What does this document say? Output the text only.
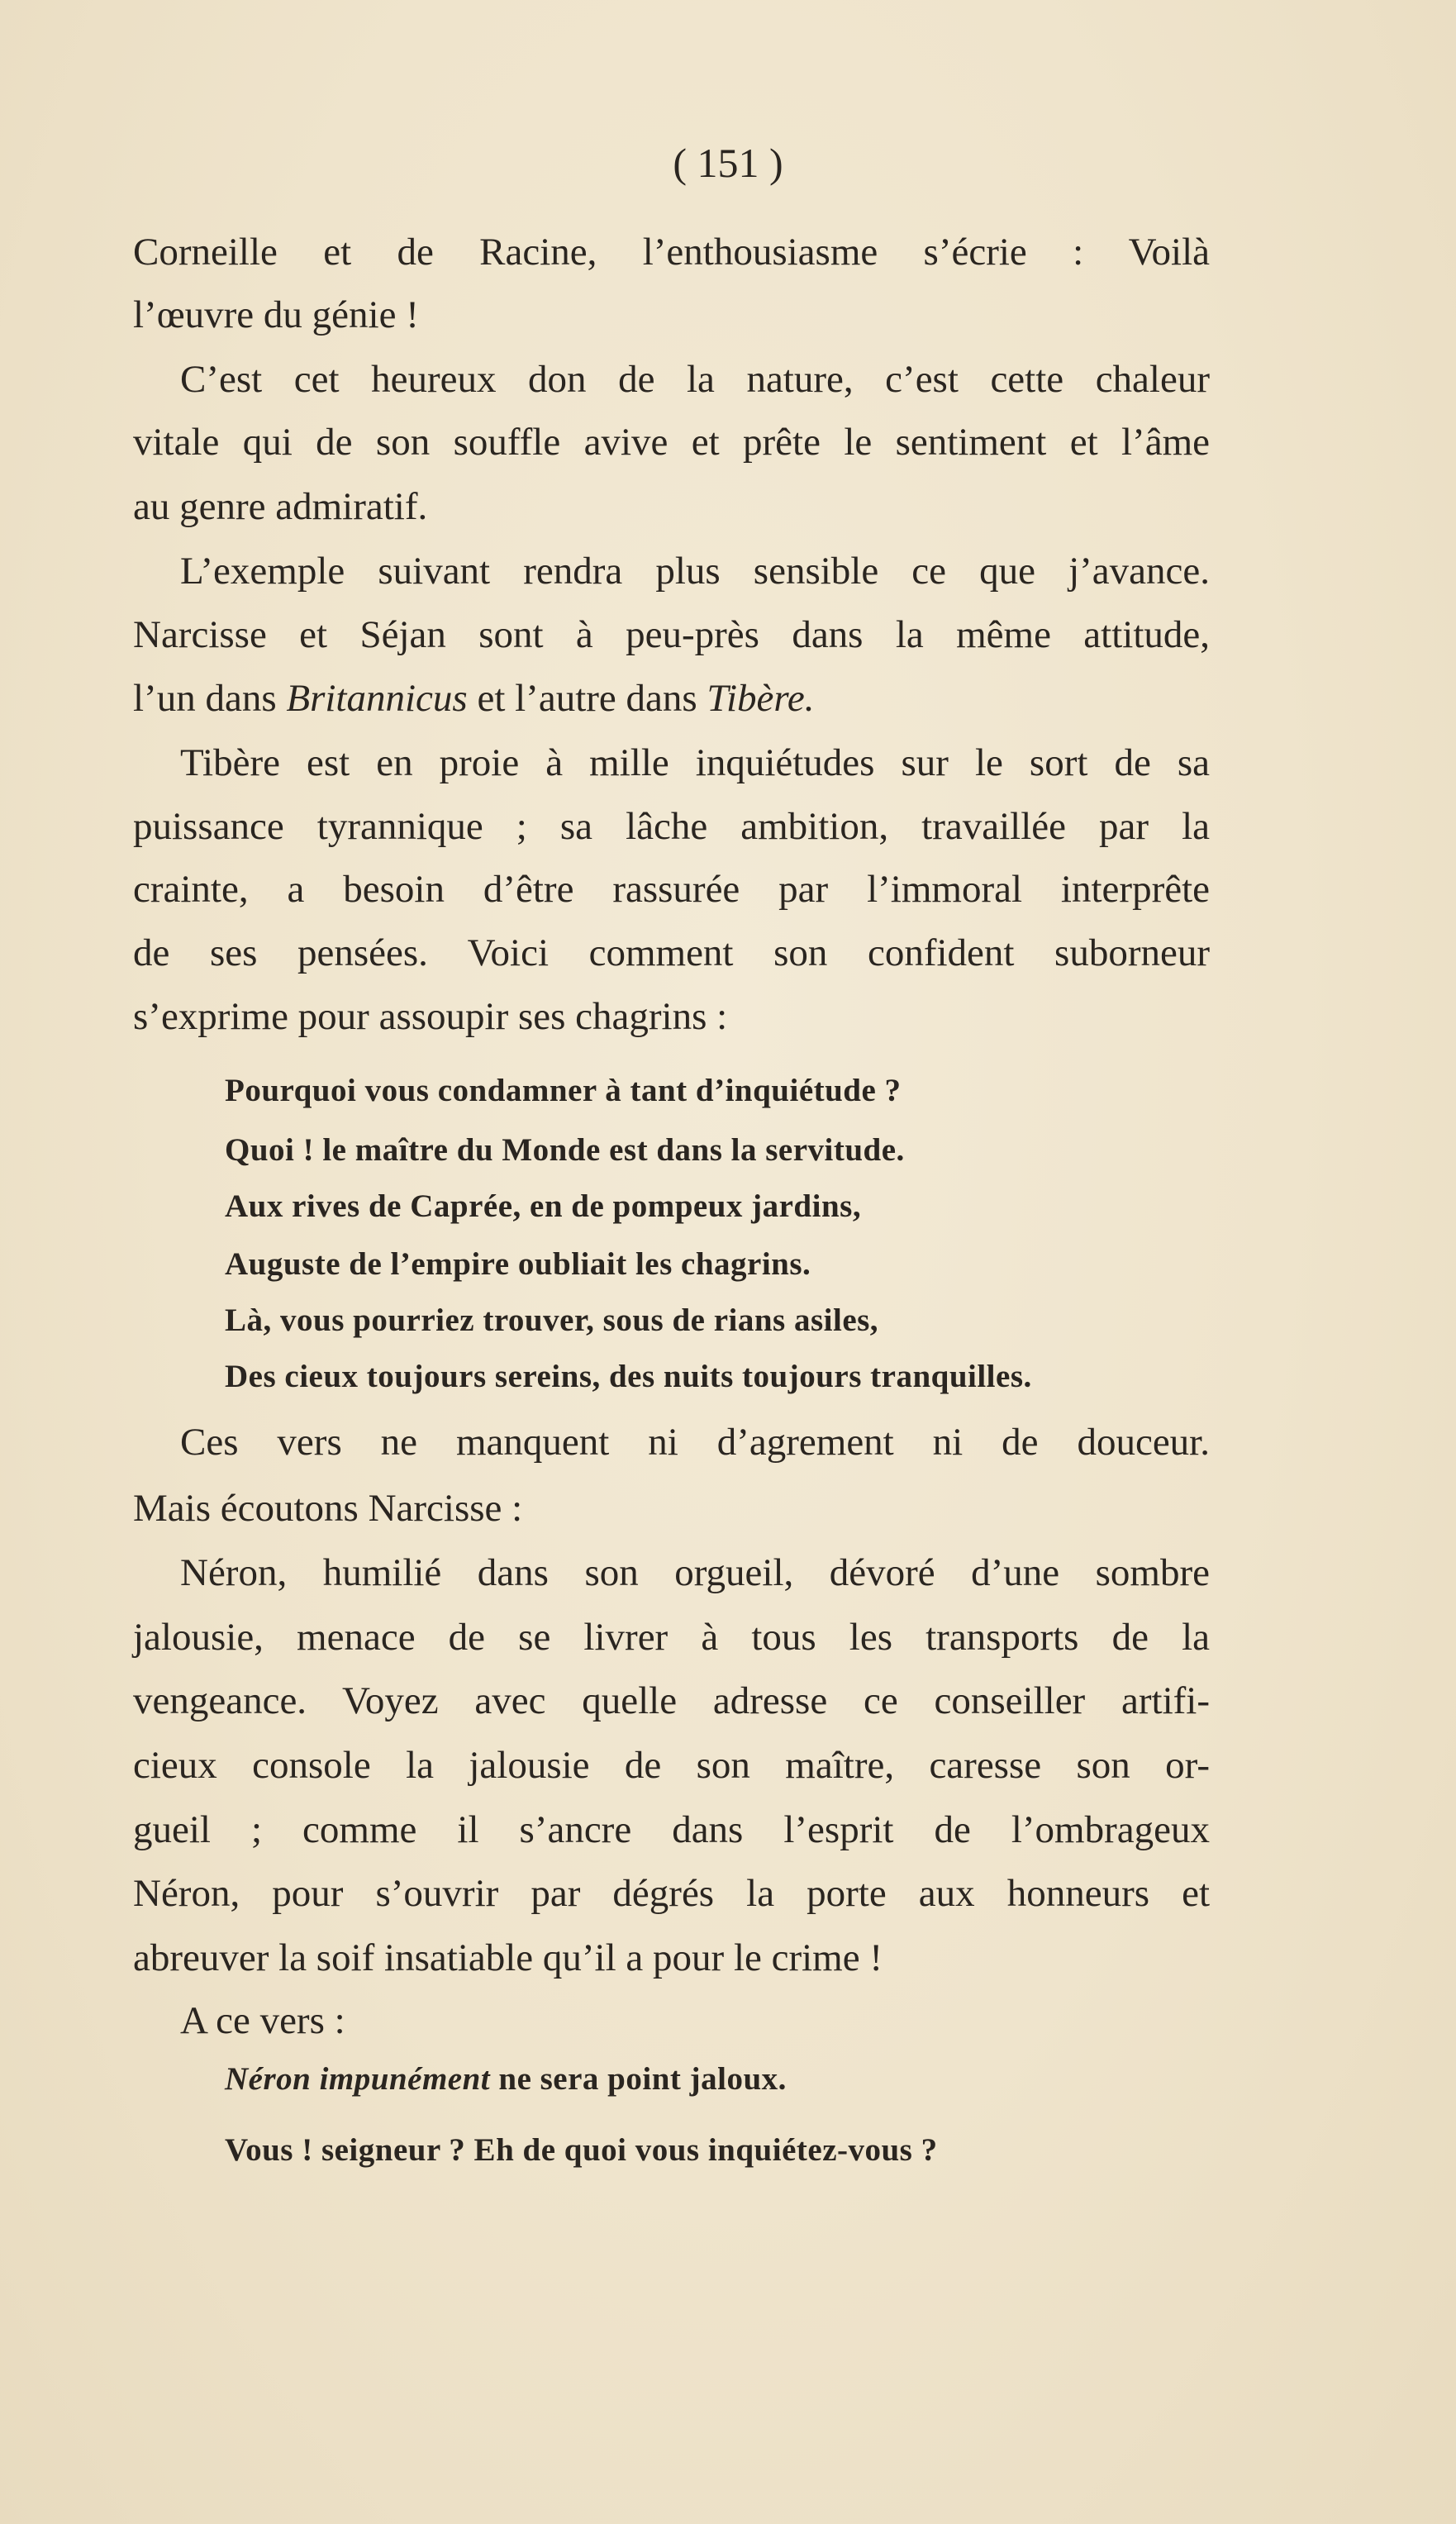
( 151 )
Corneille et de Racine, l’enthousiasme s’écrie : Voilà
l’œuvre du génie !
C’est cet heureux don de la nature, c’est cette chaleur
vitale qui de son souffle avive et prête le sentiment et l’âme
au genre admiratif.
L’exemple suivant rendra plus sensible ce que j’avance.
Narcisse et Séjan sont à peu-près dans la même attitude,
l’un dans Britannicus et l’autre dans Tibère.
Tibère est en proie à mille inquiétudes sur le sort de sa
puissance tyrannique ; sa lâche ambition, travaillée par la
crainte, a besoin d’être rassurée par l’immoral interprête
de ses pensées. Voici comment son confident suborneur
s’exprime pour assoupir ses chagrins :
Pourquoi vous condamner à tant d’inquiétude ?
Quoi ! le maître du Monde est dans la servitude.
Aux rives de Caprée, en de pompeux jardins,
Auguste de l’empire oubliait les chagrins.
Là, vous pourriez trouver, sous de rians asiles,
Des cieux toujours sereins, des nuits toujours tranquilles.
Ces vers ne manquent ni d’agrement ni de douceur.
Mais écoutons Narcisse :
Néron, humilié dans son orgueil, dévoré d’une sombre
jalousie, menace de se livrer à tous les transports de la
vengeance. Voyez avec quelle adresse ce conseiller artifi-
cieux console la jalousie de son maître, caresse son or-
gueil ; comme il s’ancre dans l’esprit de l’ombrageux
Néron, pour s’ouvrir par dégrés la porte aux honneurs et
abreuver la soif insatiable qu’il a pour le crime !
A ce vers :
Néron impunément ne sera point jaloux.
Vous ! seigneur ? Eh de quoi vous inquiétez-vous ?
